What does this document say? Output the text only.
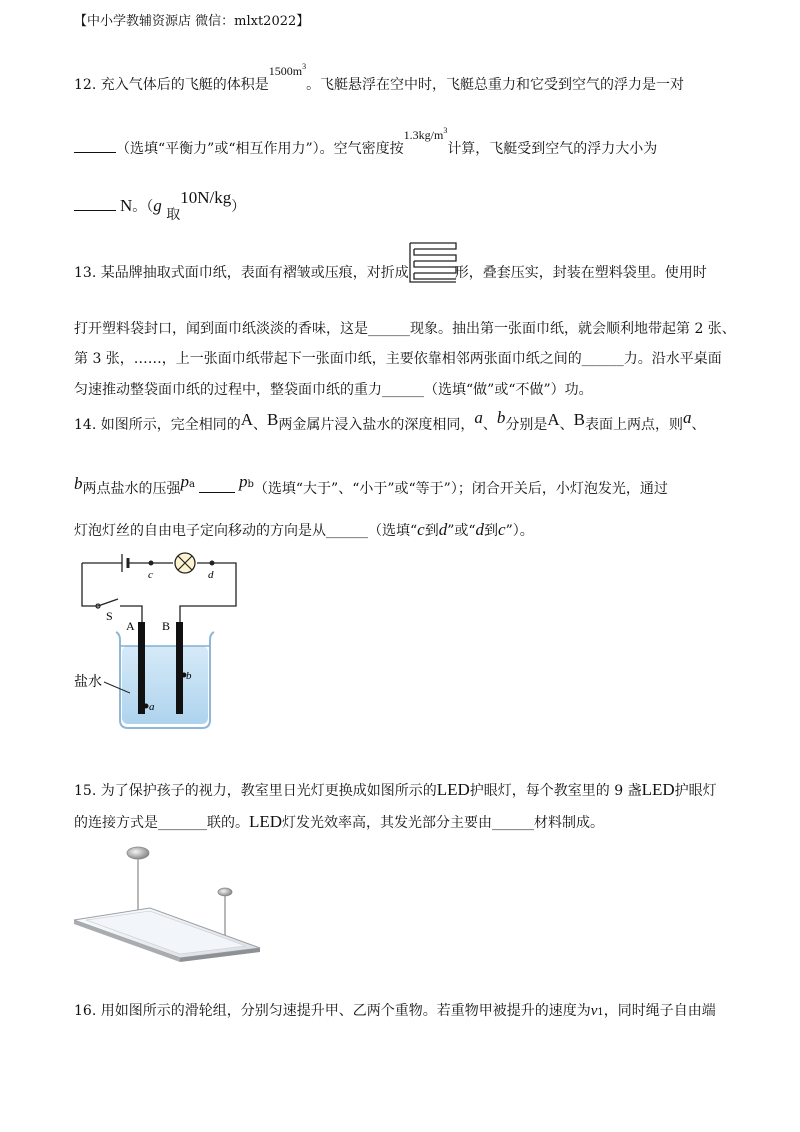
【中小学教辅资源店 微信：mlxt2022】
12. 充入气体后的飞艇的体积是$^{1500m3}$。飞艇悬浮在空中时，飞艇总重力和它受到空气的浮力是一对
（选填“平衡力”或“相互作用力”）。空气密度按$^{1.3kg/m3}$计算，飞艇受到空气的浮力大小为
N。（g 取10N/kg）
13. 某品牌抽取式面巾纸，表面有褶皱或压痕，对折成	形，叠套压实，封装在塑料袋里。使用时
打开塑料袋封口，闻到面巾纸淡淡的香味，这是______现象。抽出第一张面巾纸，就会顺利地带起第 2 张、
第 3 张，……，上一张面巾纸带起下一张面巾纸，主要依靠相邻两张面巾纸之间的______力。沿水平桌面
匀速推动整袋面巾纸的过程中，整袋面巾纸的重力______（选填“做”或“不做”）功。
14. 如图所示，完全相同的A、B两金属片浸入盐水的深度相同，a、b分别是A、B表面上两点，则a、
b两点盐水的压强$p^a$	$p^b$（选填“大于”、“小于”或“等于”）；闭合开关后，小灯泡发光，通过
灯泡灯丝的自由电子定向移动的方向是从______（选填“c到d”或“d到c”）。
c	d
S
A B
b
a
盐水
15. 为了保护孩子的视力，教室里日光灯更换成如图所示的LED护眼灯，每个教室里的 9 盏LED护眼灯
的连接方式是_______联的。LED灯发光效率高，其发光部分主要由______材料制成。
16. 用如图所示的滑轮组，分别匀速提升甲、乙两个重物。若重物甲被提升的速度为v1，同时绳子自由端
